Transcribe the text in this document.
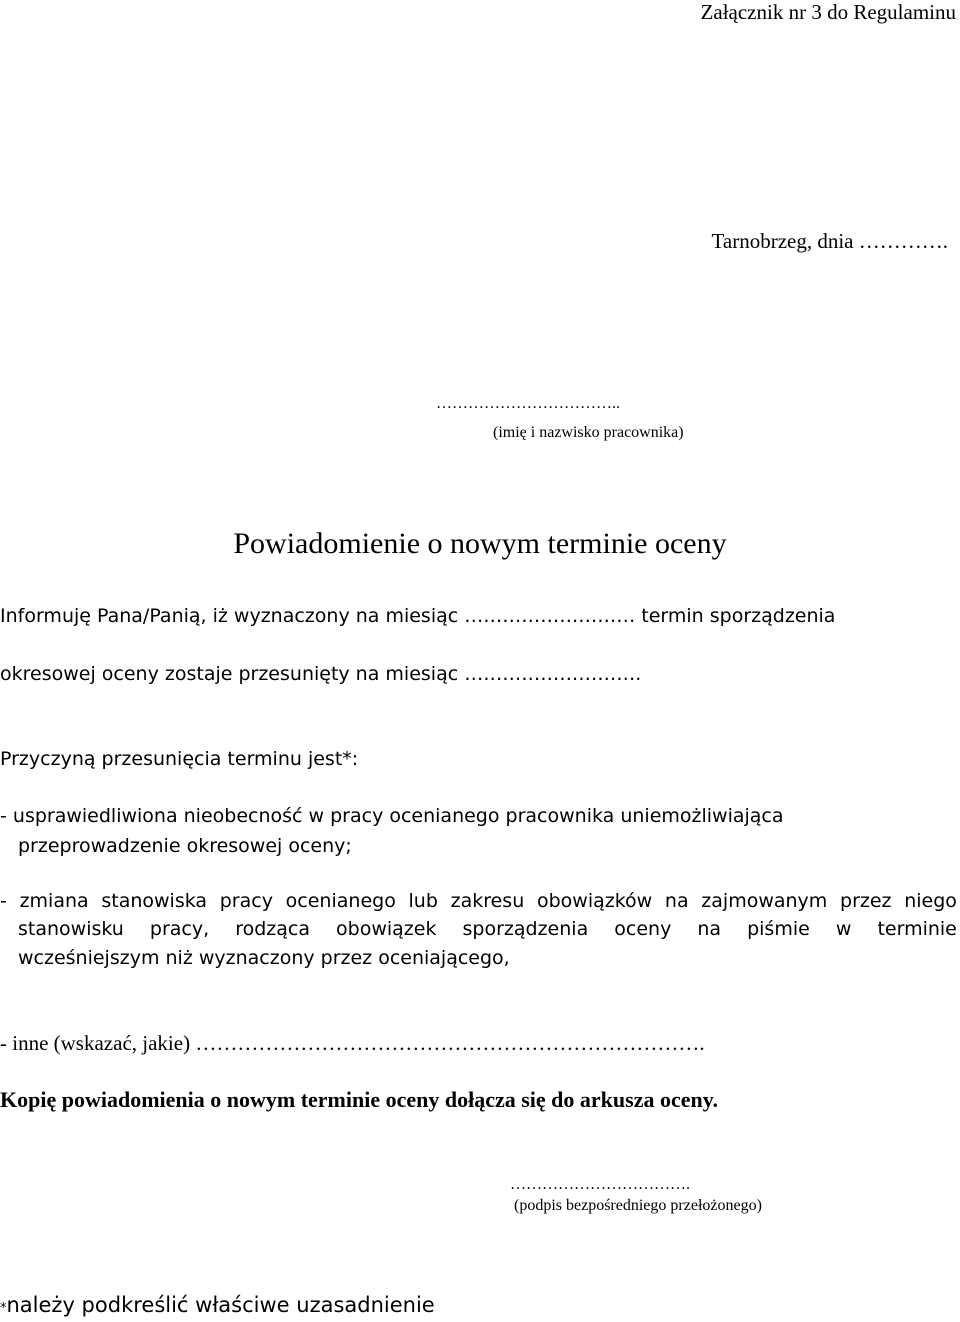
Załącznik nr 3 do Regulaminu
Tarnobrzeg, dnia ………….
……………………………..
(imię i nazwisko pracownika)
Powiadomienie o nowym terminie oceny
Informuję Pana/Panią, iż wyznaczony na miesiąc ……………………… termin sporządzenia
okresowej oceny zostaje przesunięty na miesiąc ……………………….
Przyczyną przesunięcia terminu jest*:
- usprawiedliwiona nieobecność w pracy ocenianego pracownika uniemożliwiająca
przeprowadzenie okresowej oceny;
- zmiana stanowiska pracy ocenianego lub zakresu obowiązków na zajmowanym przez niego
stanowisku pracy, rodząca obowiązek sporządzenia oceny na piśmie w terminie
wcześniejszym niż wyznaczony przez oceniającego,
- inne (wskazać, jakie) ……………………………………………………………….
Kopię powiadomienia o nowym terminie oceny dołącza się do arkusza oceny.
…………………………….
(podpis bezpośredniego przełożonego)
*należy podkreślić właściwe uzasadnienie
